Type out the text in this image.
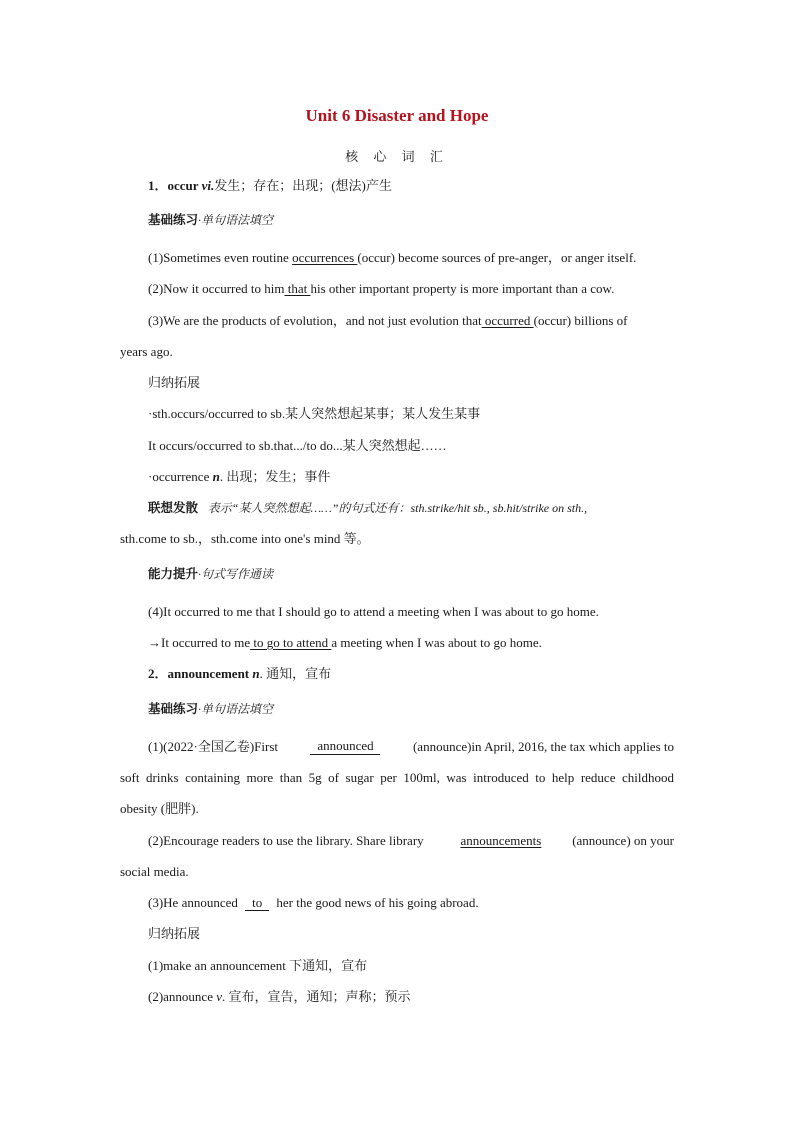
Unit 6 Disaster and Hope
核 心 词 汇
1．occur vi.发生；存在；出现；(想法)产生
基础练习·单句语法填空
(1)Sometimes even routine occurrences (occur) become sources of pre-anger，or anger itself.
(2)Now it occurred to him that his other important property is more important than a cow.
(3)We are the products of evolution，and not just evolution that occurred (occur) billions of
years ago.
归纳拓展
·sth.occurs/occurred to sb.某人突然想起某事；某人发生某事
It occurs/occurred to sb.that.../to do...某人突然想起……
·occurrence n. 出现；发生；事件
联想发散 表示“某人突然想起……”的句式还有：sth.strike/hit sb., sb.hit/strike on sth.,
sth.come to sb.，sth.come into one's mind 等。
能力提升·句式写作通读
(4)It occurred to me that I should go to attend a meeting when I was about to go home.
→It occurred to me to go to attend a meeting when I was about to go home.
2．announcement n. 通知，宣布
基础练习·单句语法填空
(1)(2022·全国乙卷)First	announced	(announce)in April, 2016, the tax which applies to
soft drinks containing more than 5g of sugar per 100ml, was introduced to help reduce childhood
obesity (肥胖).
(2)Encourage readers to use the library. Share library	announcements (announce) on your
social media.
(3)He announced to her the good news of his going abroad.
归纳拓展
(1)make an announcement 下通知，宣布
(2)announce v. 宣布，宣告，通知；声称；预示
